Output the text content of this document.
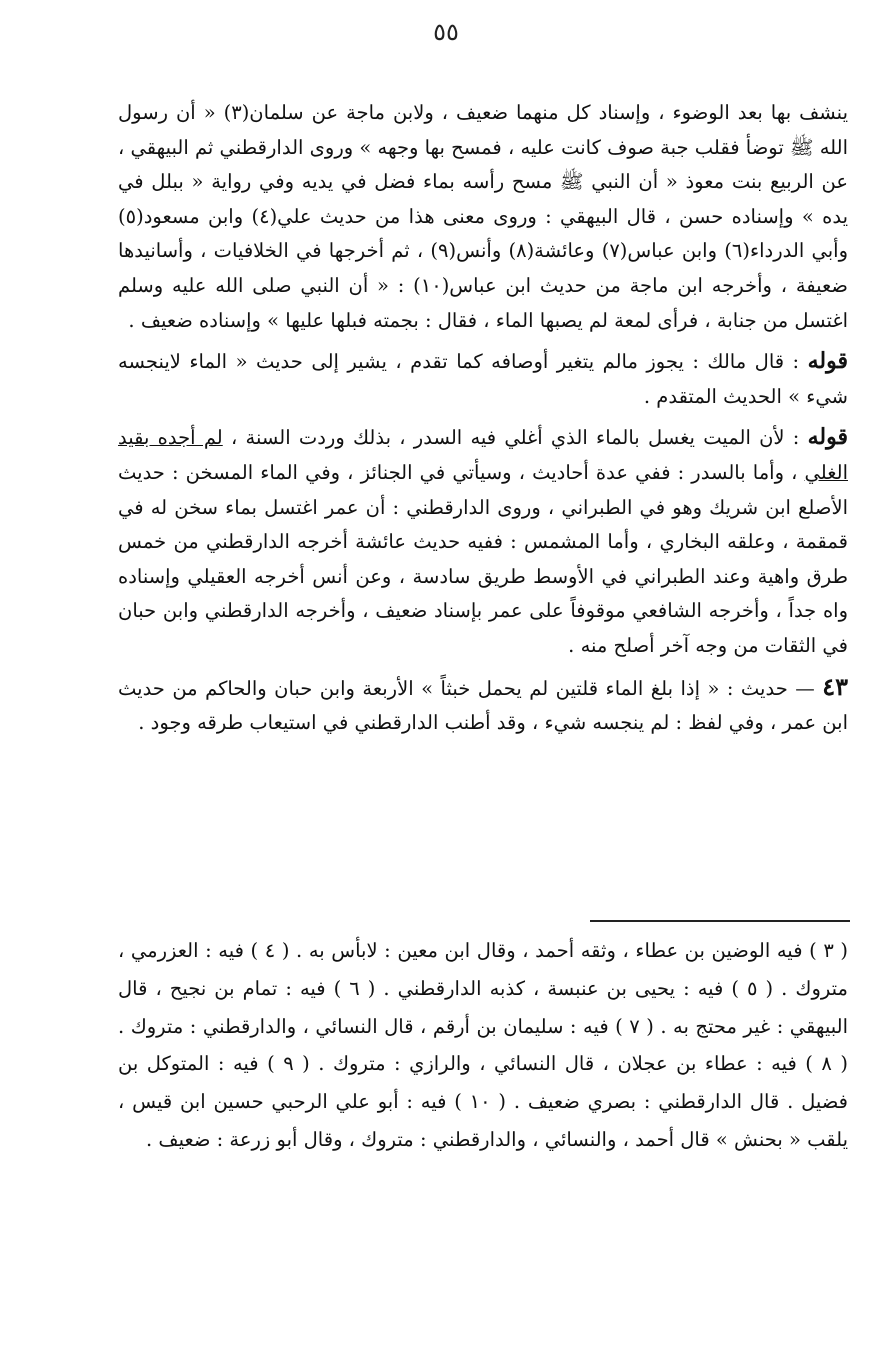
٥٥

ينشف بها بعد الوضوء ، وإسناد كل منهما ضعيف ، ولابن ماجة عن سلمان(٣) « أن رسول الله ﷺ توضأ فقلب جبة صوف كانت عليه ، فمسح بها وجهه » وروى الدارقطني ثم البيهقي ، عن الربيع بنت معوذ « أن النبي ﷺ مسح رأسه بماء فضل في يديه وفي رواية « ببلل في يده » وإسناده حسن ، قال البيهقي : وروى معنى هذا من حديث علي(٤) وابن مسعود(٥) وأبي الدرداء(٦) وابن عباس(٧) وعائشة(٨) وأنس(٩) ، ثم أخرجها في الخلافيات ، وأسانيدها ضعيفة ، وأخرجه ابن ماجة من حديث ابن عباس(١٠) : « أن النبي صلى الله عليه وسلم اغتسل من جنابة ، فرأى لمعة لم يصبها الماء ، فقال : بجمته فبلها عليها » وإسناده ضعيف .

قوله : قال مالك : يجوز مالم يتغير أوصافه كما تقدم ، يشير إلى حديث « الماء لاينجسه شيء » الحديث المتقدم .

قوله : لأن الميت يغسل بالماء الذي أغلي فيه السدر ، بذلك وردت السنة ، لم أجده بقيد الغلي ، وأما بالسدر : ففي عدة أحاديث ، وسيأتي في الجنائز ، وفي الماء المسخن : حديث الأصلع ابن شريك وهو في الطبراني ، وروى الدارقطني : أن عمر اغتسل بماء سخن له في قمقمة ، وعلقه البخاري ، وأما المشمس : ففيه حديث عائشة أخرجه الدارقطني من خمس طرق واهية وعند الطبراني في الأوسط طريق سادسة ، وعن أنس أخرجه العقيلي وإسناده واه جداً ، وأخرجه الشافعي موقوفاً على عمر بإسناد ضعيف ، وأخرجه الدارقطني وابن حبان في الثقات من وجه آخر أصلح منه .

٤٣ — حديث : « إذا بلغ الماء قلتين لم يحمل خبثاً » الأربعة وابن حبان والحاكم من حديث ابن عمر ، وفي لفظ : لم ينجسه شيء ، وقد أطنب الدارقطني في استيعاب طرقه وجود .

( ٣ ) فيه الوضين بن عطاء ، وثقه أحمد ، وقال ابن معين : لابأس به . ( ٤ ) فيه : العزرمي ، متروك . ( ٥ ) فيه : يحيى بن عنبسة ، كذبه الدارقطني . ( ٦ ) فيه : تمام بن نجيح ، قال البيهقي : غير محتج به . ( ٧ ) فيه : سليمان بن أرقم ، قال النسائي ، والدارقطني : متروك . ( ٨ ) فيه : عطاء بن عجلان ، قال النسائي ، والرازي : متروك . ( ٩ ) فيه : المتوكل بن فضيل . قال الدارقطني : بصري ضعيف . ( ١٠ ) فيه : أبو علي الرحبي حسين ابن قيس ، يلقب « بحنش » قال أحمد ، والنسائي ، والدارقطني : متروك ، وقال أبو زرعة : ضعيف .
